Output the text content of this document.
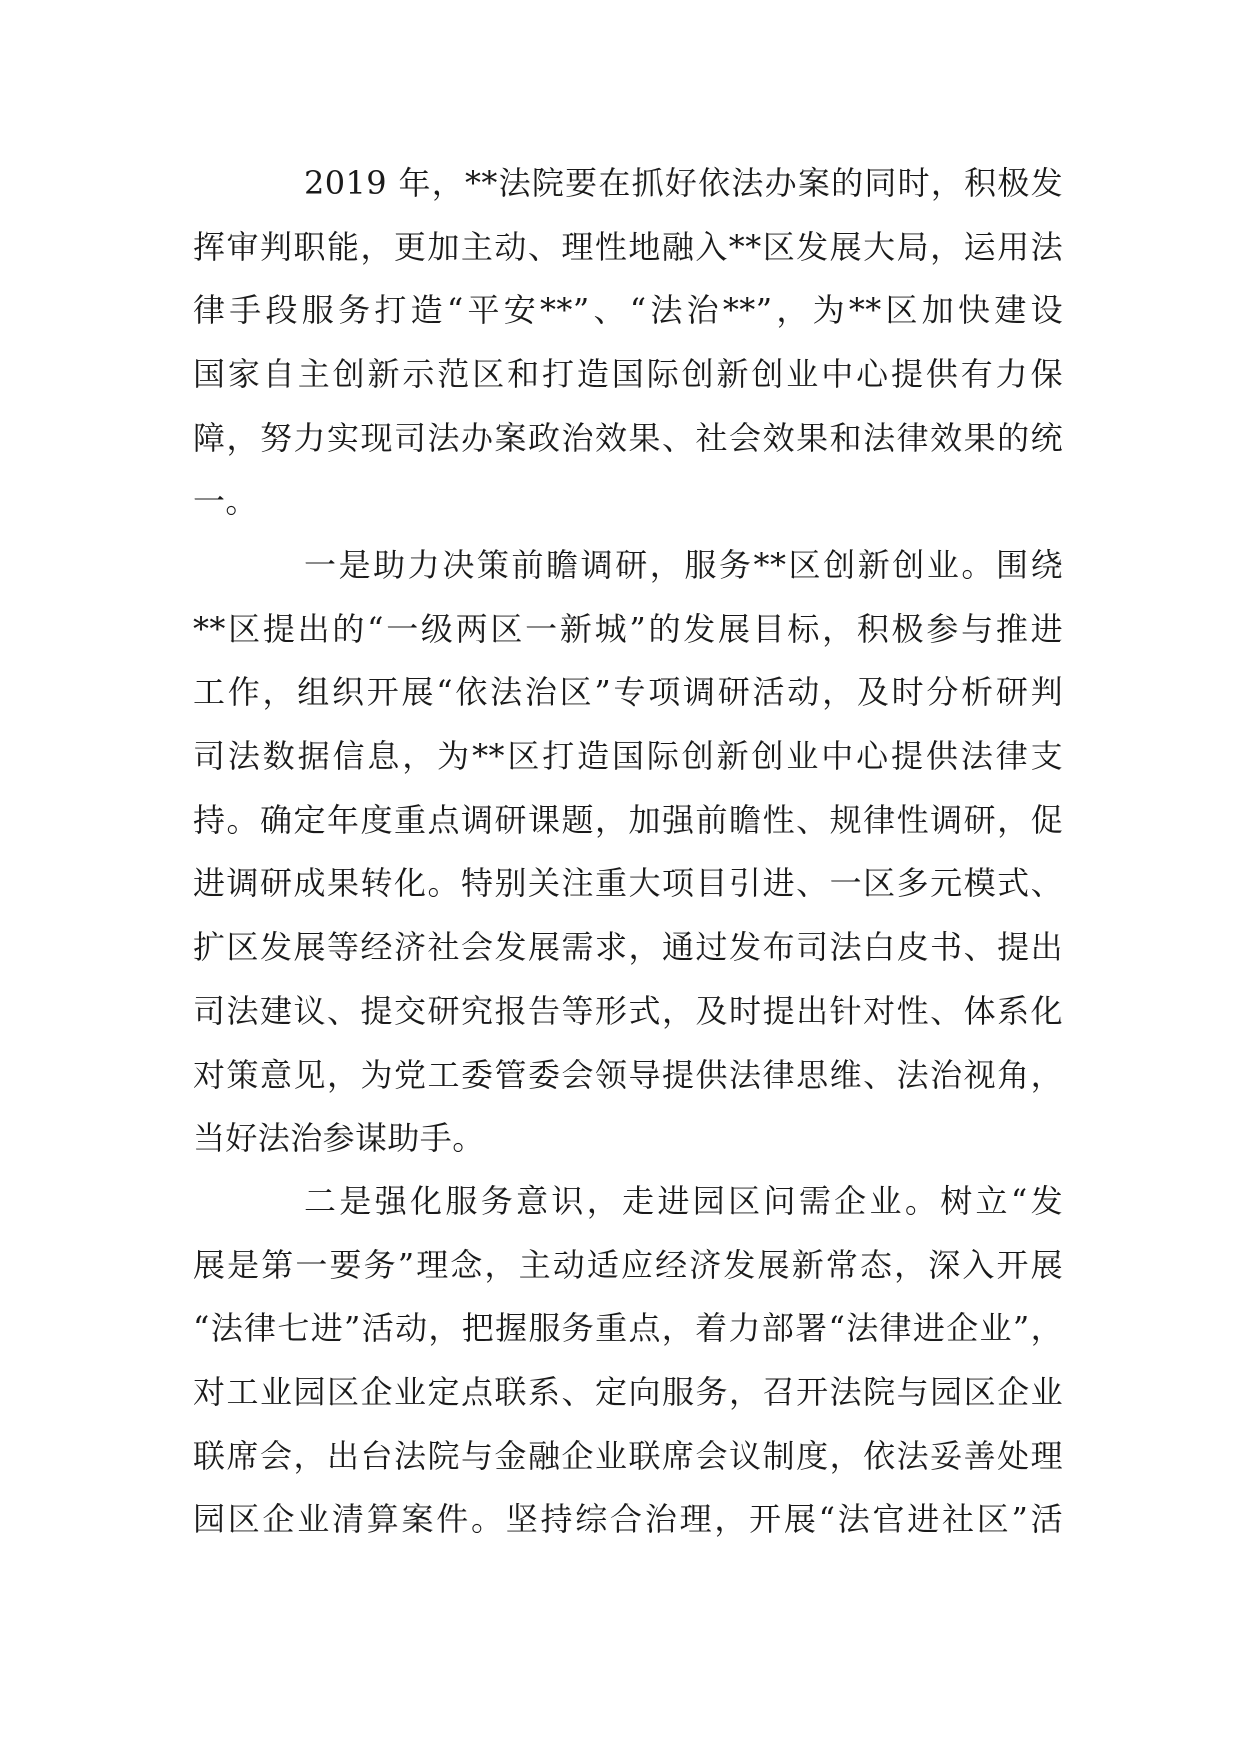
2019 年，**法院要在抓好依法办案的同时，积极发
挥审判职能，更加主动、理性地融入**区发展大局，运用法
律手段服务打造“平安**”、“法治**”，为**区加快建设
国家自主创新示范区和打造国际创新创业中心提供有力保
障，努力实现司法办案政治效果、社会效果和法律效果的统
一。
一是助力决策前瞻调研，服务**区创新创业。围绕
**区提出的“一级两区一新城”的发展目标，积极参与推进
工作，组织开展“依法治区”专项调研活动，及时分析研判
司法数据信息，为**区打造国际创新创业中心提供法律支
持。确定年度重点调研课题，加强前瞻性、规律性调研，促
进调研成果转化。特别关注重大项目引进、一区多元模式、
扩区发展等经济社会发展需求，通过发布司法白皮书、提出
司法建议、提交研究报告等形式，及时提出针对性、体系化
对策意见，为党工委管委会领导提供法律思维、法治视角，
当好法治参谋助手。
二是强化服务意识，走进园区问需企业。树立“发
展是第一要务”理念，主动适应经济发展新常态，深入开展
“法律七进”活动，把握服务重点，着力部署“法律进企业”，
对工业园区企业定点联系、定向服务，召开法院与园区企业
联席会，出台法院与金融企业联席会议制度，依法妥善处理
园区企业清算案件。坚持综合治理，开展“法官进社区”活
